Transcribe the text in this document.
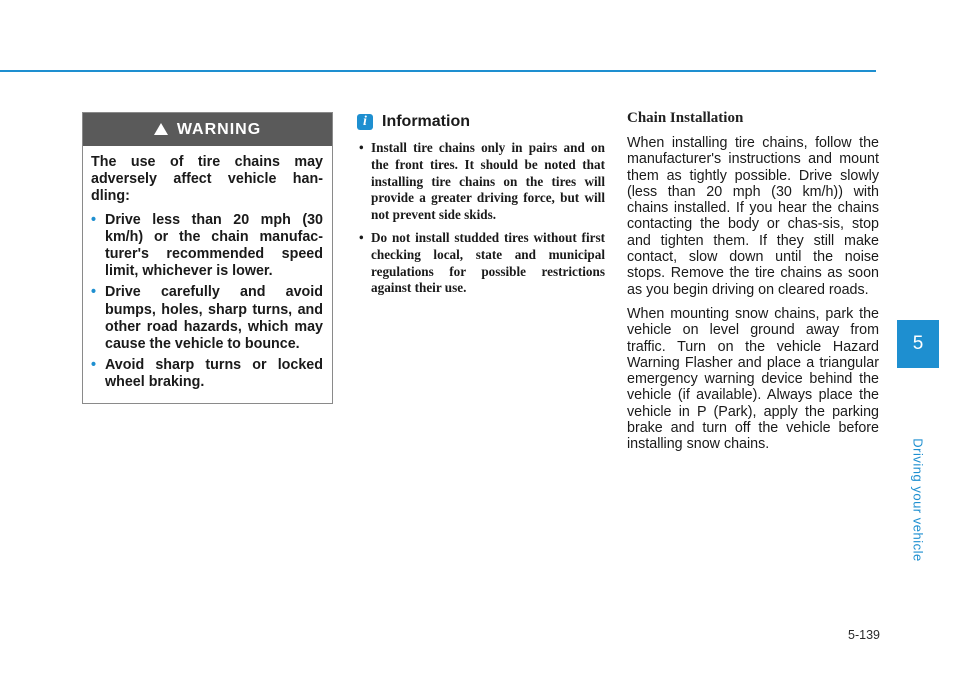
WARNING

The use of tire chains may adversely affect vehicle han-dling:

• Drive less than 20 mph (30 km/h) or the chain manufac-turer's recommended speed limit, whichever is lower.
• Drive carefully and avoid bumps, holes, sharp turns, and other road hazards, which may cause the vehicle to bounce.
• Avoid sharp turns or locked wheel braking.
i Information
• Install tire chains only in pairs and on the front tires. It should be noted that installing tire chains on the tires will provide a greater driving force, but will not prevent side skids.
• Do not install studded tires without first checking local, state and municipal regulations for possible restrictions against their use.
Chain Installation

When installing tire chains, follow the manufacturer's instructions and mount them as tightly possible. Drive slowly (less than 20 mph (30 km/h)) with chains installed. If you hear the chains contacting the body or chas-sis, stop and tighten them. If they still make contact, slow down until the noise stops. Remove the tire chains as soon as you begin driving on cleared roads.

When mounting snow chains, park the vehicle on level ground away from traffic. Turn on the vehicle Hazard Warning Flasher and place a triangular emergency warning device behind the vehicle (if available). Always place the vehicle in P (Park), apply the parking brake and turn off the vehicle before installing snow chains.

5
Driving your vehicle
5-139
